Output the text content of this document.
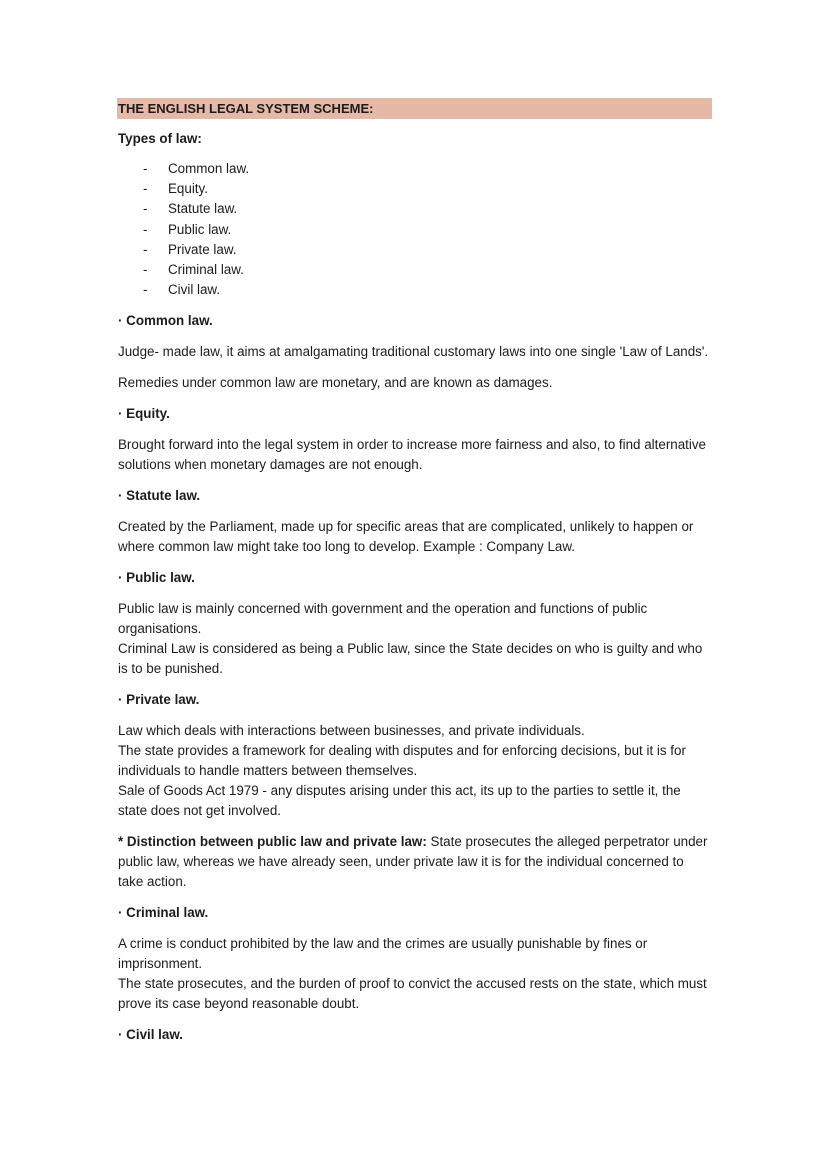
THE ENGLISH LEGAL SYSTEM SCHEME:
Types of law:
- Common law.
- Equity.
- Statute law.
- Public law.
- Private law.
- Criminal law.
- Civil law.
· Common law.
Judge- made law, it aims at amalgamating traditional customary laws into one single 'Law of Lands'.
Remedies under common law are monetary, and are known as damages.
· Equity.
Brought forward into the legal system in order to increase more fairness and also, to find alternative solutions when monetary damages are not enough.
· Statute law.
Created by the Parliament, made up for specific areas that are complicated, unlikely to happen or where common law might take too long to develop. Example : Company Law.
· Public law.
Public law is mainly concerned with government and the operation and functions of public organisations.
Criminal Law is considered as being a Public law, since the State decides on who is guilty and who is to be punished.
· Private law.
Law which deals with interactions between businesses, and private individuals.
The state provides a framework for dealing with disputes and for enforcing decisions, but it is for individuals to handle matters between themselves.
Sale of Goods Act 1979 - any disputes arising under this act, its up to the parties to settle it, the state does not get involved.
* Distinction between public law and private law: State prosecutes the alleged perpetrator under public law, whereas we have already seen, under private law it is for the individual concerned to take action.
· Criminal law.
A crime is conduct prohibited by the law and the crimes are usually punishable by fines or imprisonment.
The state prosecutes, and the burden of proof to convict the accused rests on the state, which must prove its case beyond reasonable doubt.
· Civil law.
